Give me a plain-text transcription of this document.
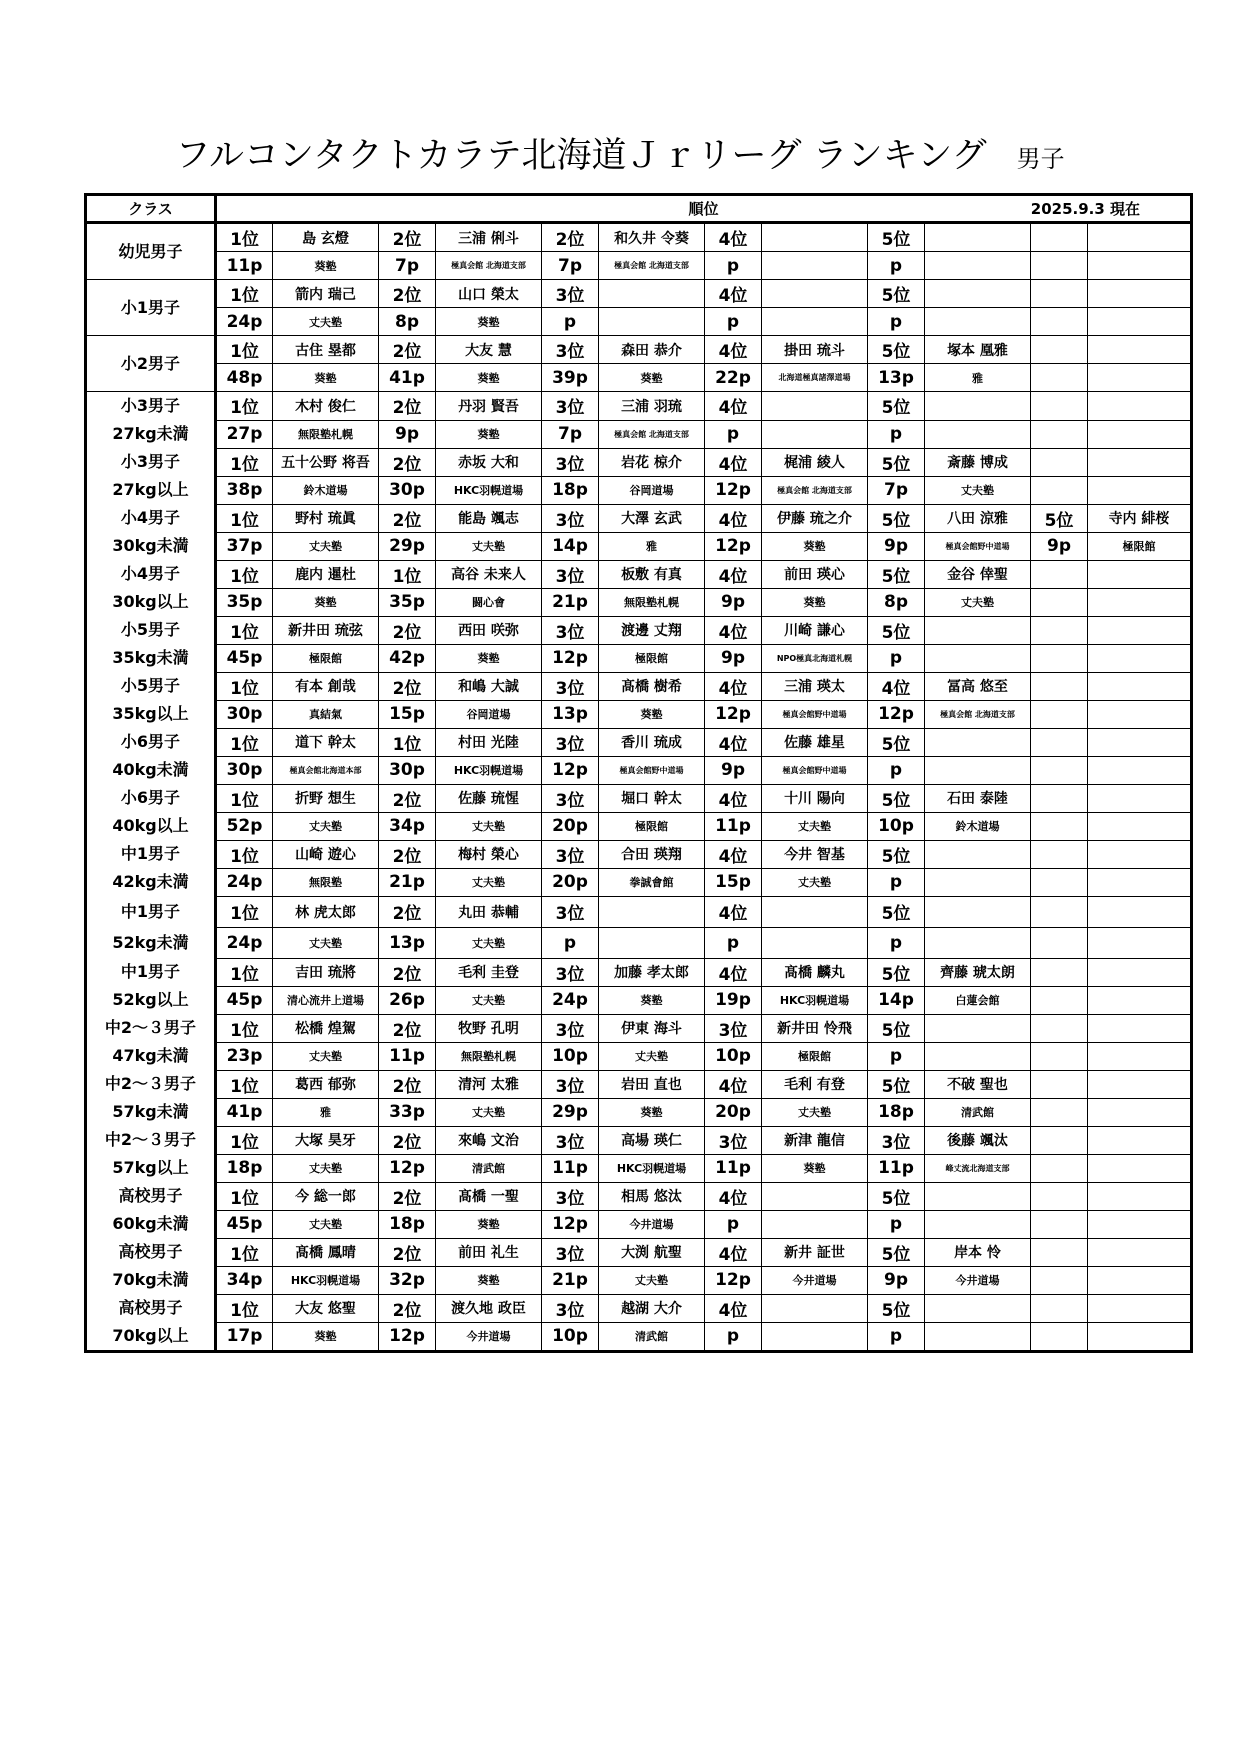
フルコンタクトカラテ北海道Ｊｒリーグ ランキング 男子
クラス	順位 2025.9.3 現在											

幼児男子	1位	島 玄燈	2位	三浦 俐斗	2位	和久井 令葵	4位		5位			
	11p	葵塾	7p	極真会館 北海道支部	7p	極真会館 北海道支部	p		p			
小1男子	1位	箭内 瑞己	2位	山口 榮太	3位		4位		5位			
	24p	丈夫塾	8p	葵塾	p		p		p			
小2男子	1位	古住 塁都	2位	大友 慧	3位	森田 恭介	4位	掛田 琉斗	5位	塚本 凰雅		
	48p	葵塾	41p	葵塾	39p	葵塾	22p	北海道極真諸澤道場	13p	雅		
小3男子	1位	木村 俊仁	2位	丹羽 賢吾	3位	三浦 羽琉	4位		5位			
27kg未満	27p	無限塾札幌	9p	葵塾	7p	極真会館 北海道支部	p		p			
小3男子	1位	五十公野 将吾	2位	赤坂 大和	3位	岩花 椋介	4位	梶浦 綾人	5位	斎藤 博成		
27kg以上	38p	鈴木道場	30p	HKC羽幌道場	18p	谷岡道場	12p	極真会館 北海道支部	7p	丈夫塾		
小4男子	1位	野村 琉眞	2位	能島 颯志	3位	大澤 玄武	4位	伊藤 琉之介	5位	八田 涼雅	5位	寺内 緋桜
30kg未満	37p	丈夫塾	29p	丈夫塾	14p	雅	12p	葵塾	9p	極真会館野中道場	9p	極限館
小4男子	1位	鹿内 暹杜	1位	高谷 未来人	3位	板敷 有真	4位	前田 瑛心	5位	金谷 倖聖		
30kg以上	35p	葵塾	35p	闘心會	21p	無限塾札幌	9p	葵塾	8p	丈夫塾		
小5男子	1位	新井田 琉弦	2位	西田 咲弥	3位	渡邊 丈翔	4位	川崎 謙心	5位			
35kg未満	45p	極限館	42p	葵塾	12p	極限館	9p	NPO極真北海道札幌	p			
小5男子	1位	有本 創哉	2位	和嶋 大誠	3位	髙橋 樹希	4位	三浦 瑛太	4位	冨高 悠至		
35kg以上	30p	真結氣	15p	谷岡道場	13p	葵塾	12p	極真会館野中道場	12p	極真会館 北海道支部		
小6男子	1位	道下 幹太	1位	村田 光陸	3位	香川 琉成	4位	佐藤 雄星	5位			
40kg未満	30p	極真会館北海道本部	30p	HKC羽幌道場	12p	極真会館野中道場	9p	極真会館野中道場	p			
小6男子	1位	折野 想生	2位	佐藤 琉惺	3位	堀口 幹太	4位	十川 陽向	5位	石田 泰陸		
40kg以上	52p	丈夫塾	34p	丈夫塾	20p	極限館	11p	丈夫塾	10p	鈴木道場		
中1男子	1位	山崎 遊心	2位	梅村 榮心	3位	合田 瑛翔	4位	今井 智基	5位			
42kg未満	24p	無限塾	21p	丈夫塾	20p	拳誠會館	15p	丈夫塾	p			
中1男子	1位	林 虎太郎	2位	丸田 恭輔	3位		4位		5位			
52kg未満	24p	丈夫塾	13p	丈夫塾	p		p		p			
中1男子	1位	吉田 琉將	2位	毛利 圭登	3位	加藤 孝太郎	4位	髙橋 麟丸	5位	齊藤 琥太朗		
52kg以上	45p	清心流井上道場	26p	丈夫塾	24p	葵塾	19p	HKC羽幌道場	14p	白蓮会館		
中2～３男子	1位	松橋 煌駕	2位	牧野 孔明	3位	伊東 海斗	3位	新井田 怜飛	5位			
47kg未満	23p	丈夫塾	11p	無限塾札幌	10p	丈夫塾	10p	極限館	p			
中2～３男子	1位	葛西 郁弥	2位	清河 太雅	3位	岩田 直也	4位	毛利 有登	5位	不破 聖也		
57kg未満	41p	雅	33p	丈夫塾	29p	葵塾	20p	丈夫塾	18p	清武館		
中2～３男子	1位	大塚 昊牙	2位	來嶋 文治	3位	高場 瑛仁	3位	新津 龍信	3位	後藤 颯汰		
57kg以上	18p	丈夫塾	12p	清武館	11p	HKC羽幌道場	11p	葵塾	11p	峰丈流北海道支部		
高校男子	1位	今 総一郎	2位	髙橋 一聖	3位	相馬 悠汰	4位		5位			
60kg未満	45p	丈夫塾	18p	葵塾	12p	今井道場	p		p			
高校男子	1位	髙橋 鳳晴	2位	前田 礼生	3位	大渕 航聖	4位	新井 証世	5位	岸本 怜		
70kg未満	34p	HKC羽幌道場	32p	葵塾	21p	丈夫塾	12p	今井道場	9p	今井道場		
高校男子	1位	大友 悠聖	2位	渡久地 政臣	3位	越湖 大介	4位		5位			
70kg以上	17p	葵塾	12p	今井道場	10p	清武館	p		p			
